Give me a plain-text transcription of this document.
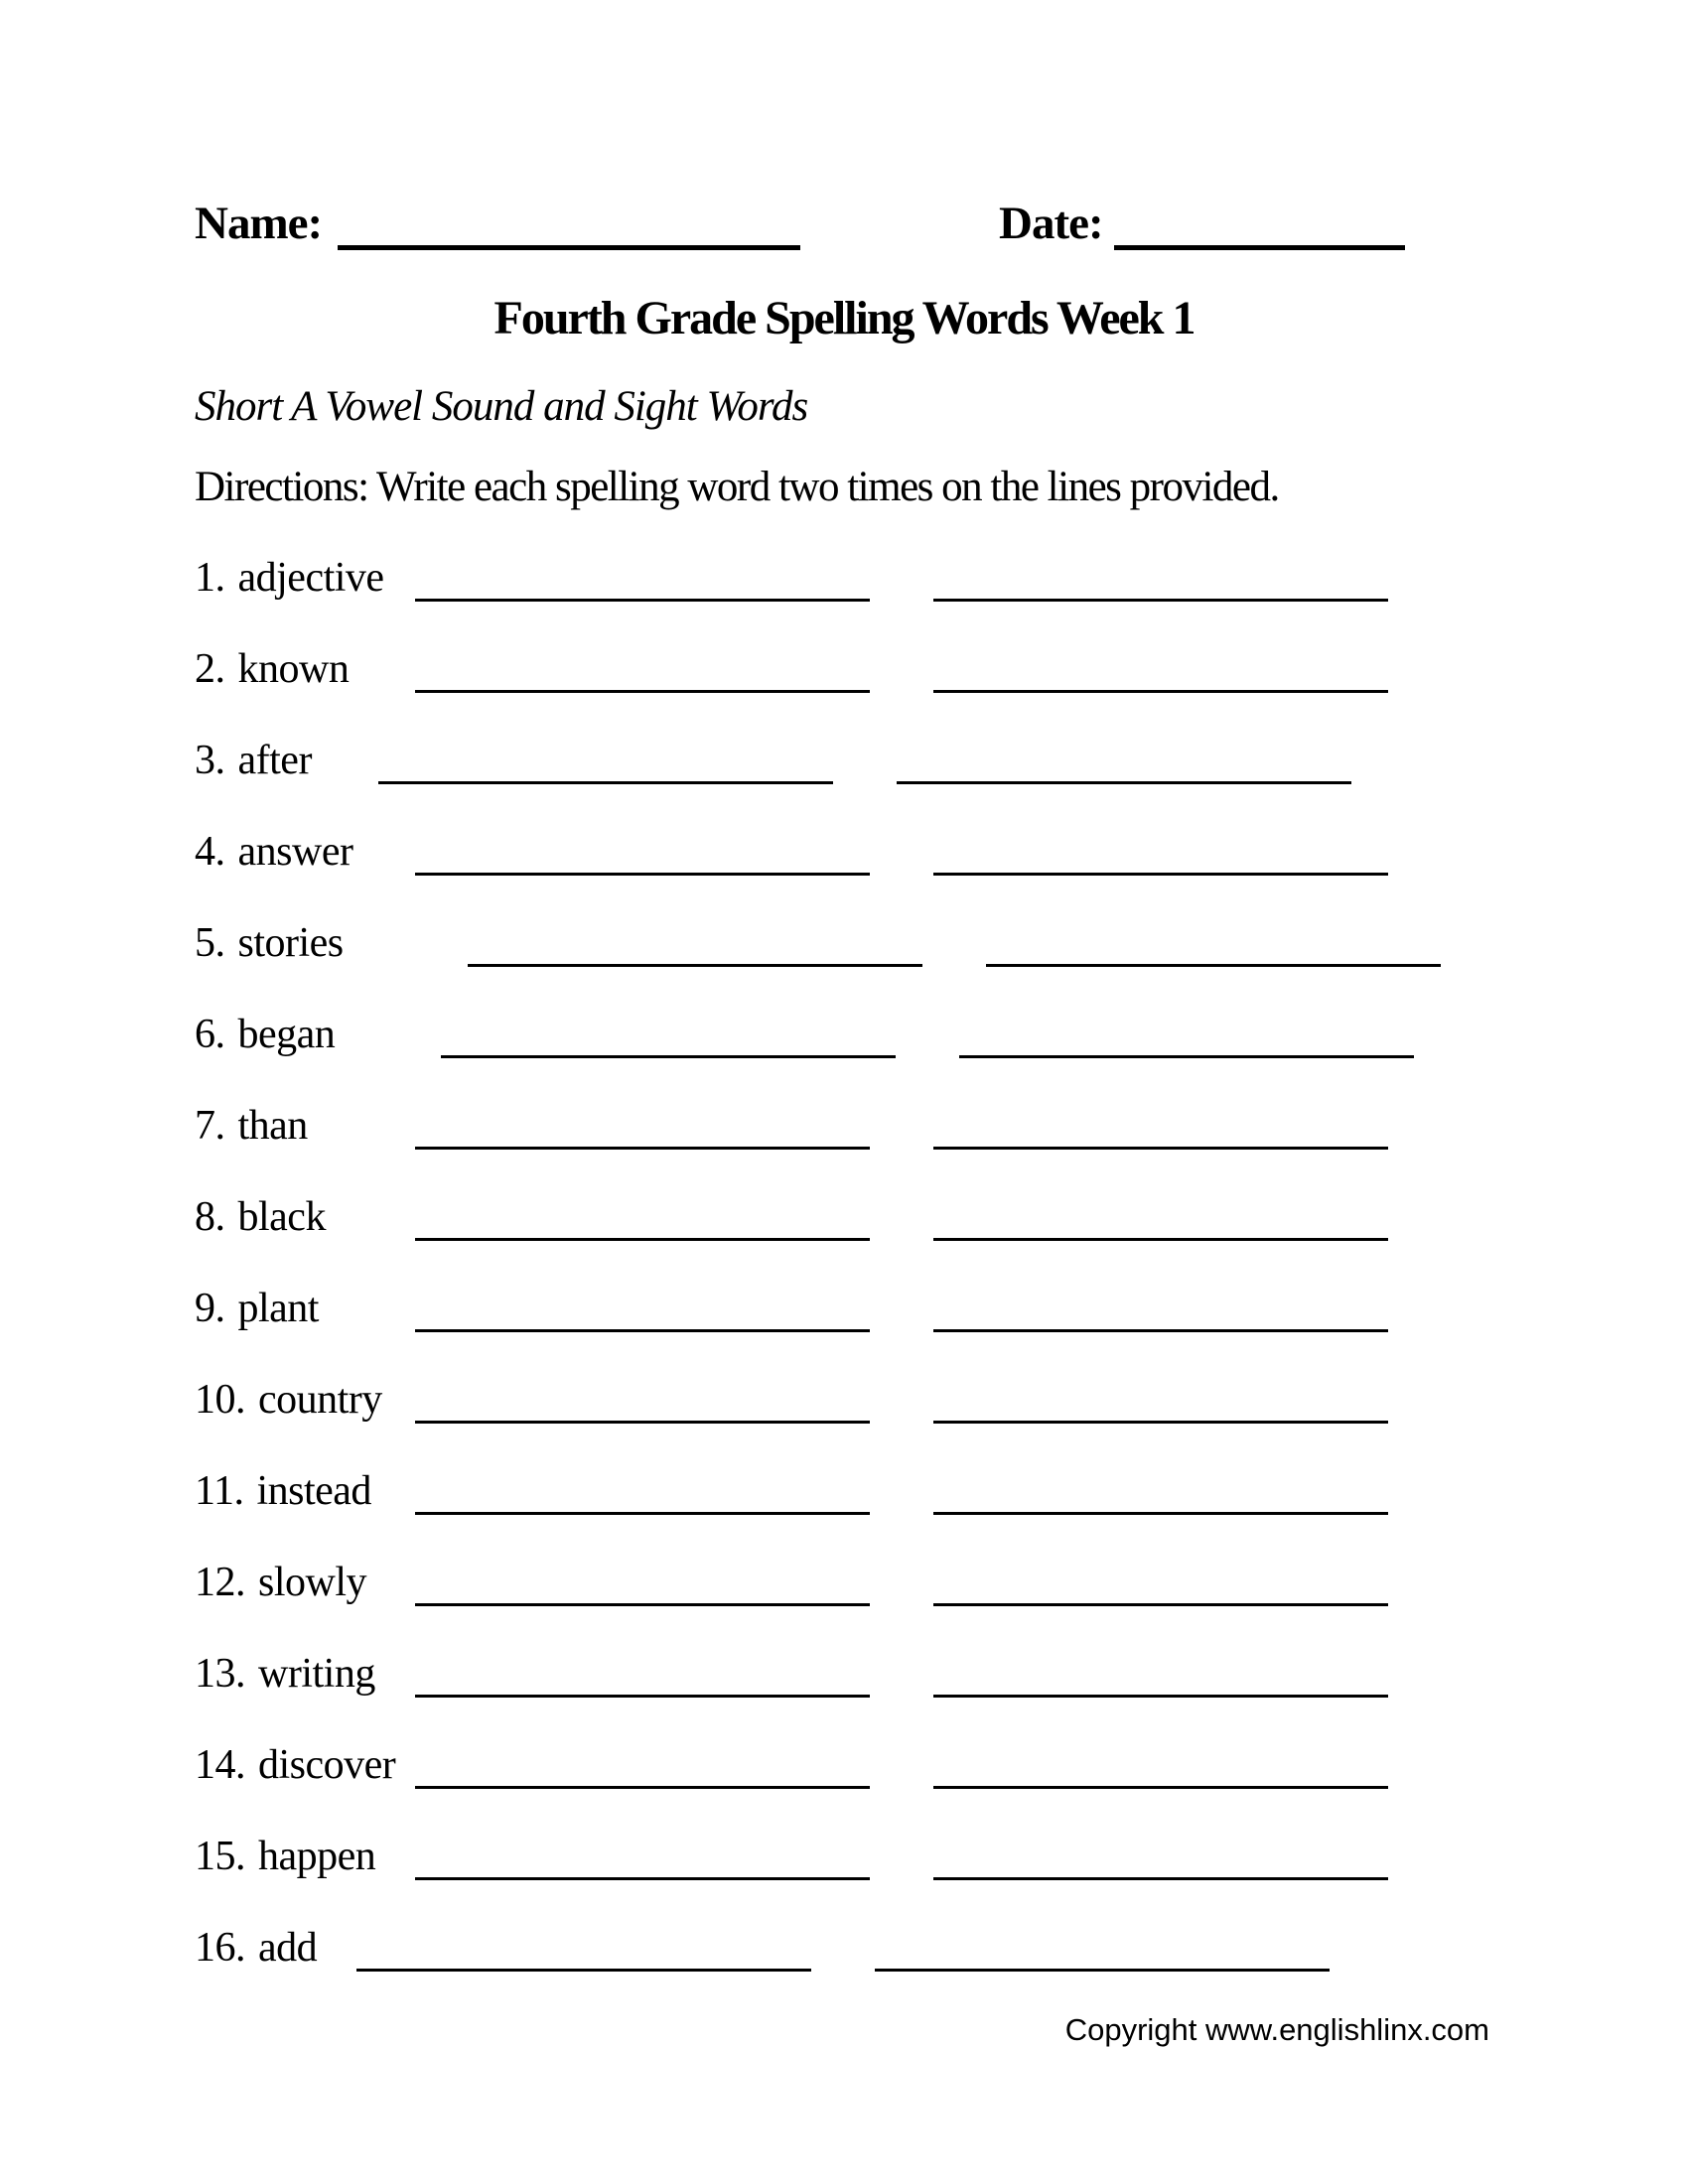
Name:	Date:
Fourth Grade Spelling Words Week 1
Short A Vowel Sound and Sight Words
Directions: Write each spelling word two times on the lines provided.
1. adjective
2. known
3. after
4. answer
5. stories
6. began
7. than
8. black
9. plant
10. country
11. instead
12. slowly
13. writing
14. discover
15. happen
16. add
Copyright www.englishlinx.com
